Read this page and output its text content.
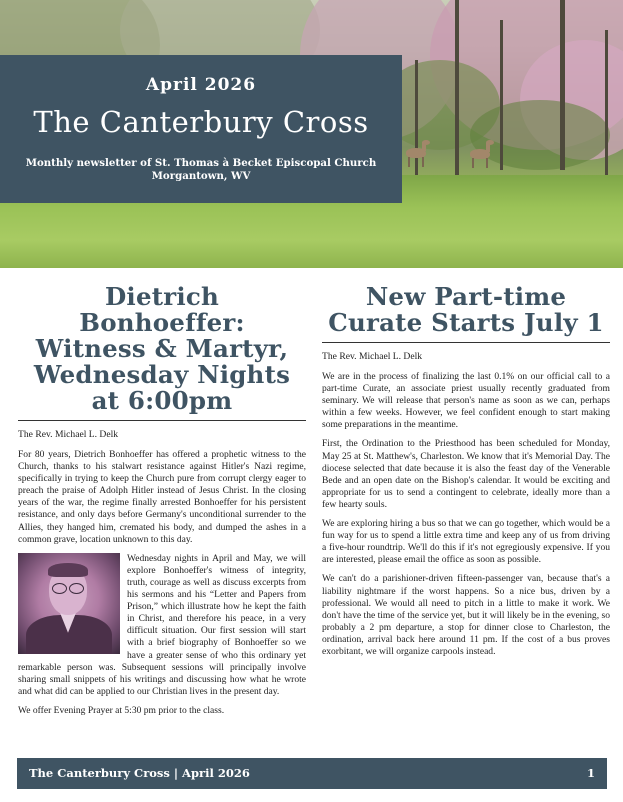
April 2026
The Canterbury Cross
Monthly newsletter of St. Thomas à Becket Episcopal Church
Morgantown, WV
Dietrich Bonhoeffer:
Witness & Martyr,
Wednesday Nights
at 6:00pm
The Rev. Michael L. Delk

For 80 years, Dietrich Bonhoeffer has offered a prophetic witness to the Church, thanks to his stalwart resistance against Hitler's Nazi regime, specifically in trying to keep the Church pure from corrupt clergy eager to preach the praise of Adolph Hitler instead of Jesus Christ. In the closing years of the war, the regime finally arrested Bonhoeffer for his persistent resistance, and only days before Germany's unconditional surrender to the Allies, they hanged him, cremated his body, and dumped the ashes in a common grave, location unknown to this day.

Wednesday nights in April and May, we will explore Bonhoeffer's witness of integrity, truth, courage as well as discuss excerpts from his sermons and his “Letter and Papers from Prison,” which illustrate how he kept the faith in Christ, and therefore his peace, in a very difficult situation. Our first session will start with a brief biography of Bonhoeffer so we have a greater sense of who this ordinary yet remarkable person was. Subsequent sessions will principally involve sharing small snippets of his writings and discussing how what he wrote and what did can be applied to our Christian lives in the present day.

We offer Evening Prayer at 5:30 pm prior to the class.

New Part-time
Curate Starts July 1
The Rev. Michael L. Delk

We are in the process of finalizing the last 0.1% on our official call to a part-time Curate, an associate priest usually recently graduated from seminary. We will release that person's name as soon as we can, perhaps within a few weeks. However, we feel confident enough to start making some preparations in the meantime.

First, the Ordination to the Priesthood has been scheduled for Monday, May 25 at St. Matthew's, Charleston. We know that it's Memorial Day. The diocese selected that date because it is also the feast day of the Venerable Bede and an open date on the Bishop's calendar. It would be exciting and appropriate for us to send a contingent to celebrate, ideally more than a few hearty souls.

We are exploring hiring a bus so that we can go together, which would be a fun way for us to spend a little extra time and keep any of us from driving a five-hour roundtrip. We'll do this if it's not egregiously expensive. If you are interested, please email the office as soon as possible.

We can't do a parishioner-driven fifteen-passenger van, because that's a liability nightmare if the worst happens. So a nice bus, driven by a professional. We would all need to pitch in a little to make it work. We don't have the time of the service yet, but it will likely be in the evening, so probably a 2 pm departure, a stop for dinner close to Charleston, the ordination, arrival back here around 11 pm. If the cost of a bus proves exorbitant, we will organize carpools instead.

The Canterbury Cross | April 2026	1
